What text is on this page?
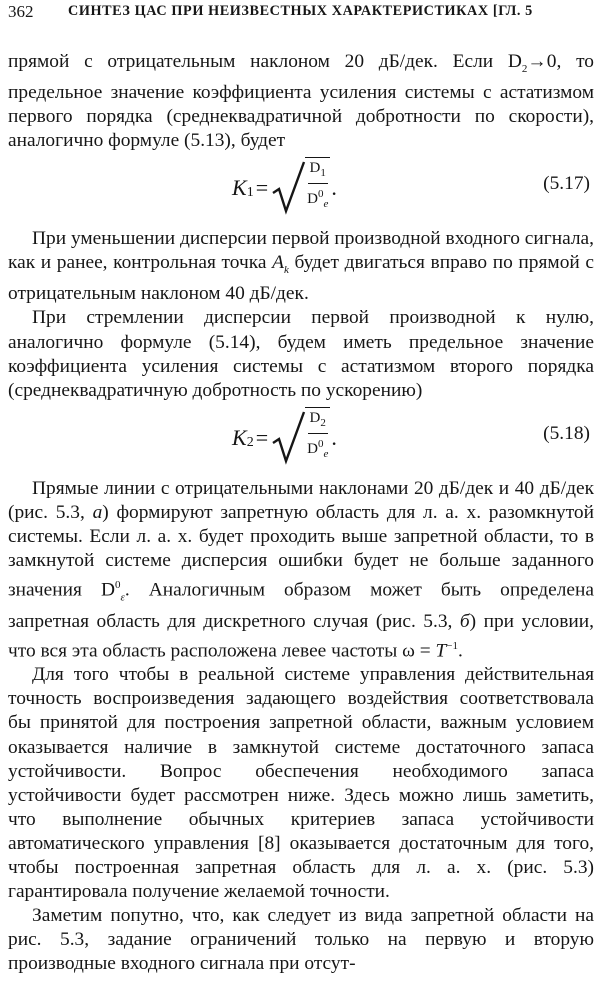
362 СИНТЕЗ ЦАС ПРИ НЕИЗВЕСТНЫХ ХАРАКТЕРИСТИКАХ [ГЛ. 5

прямой с отрицательным наклоном 20 дБ/дек. Если $D_2\to 0$, то предельное значение коэффициента усиления системы с астатизмом первого порядка (среднеквадратичной добротности по скорости), аналогично формуле (5.13), будет

K $1 = \frac{D_1}{D^0_e}$ .	(5.17)

При уменьшении дисперсии первой производной входного сигнала, как и ранее, контрольная точка $A_k$ будет двигаться вправо по прямой с отрицательным наклоном 40 дБ/дек.

При стремлении дисперсии первой производной к нулю, аналогично формуле (5.14), будем иметь предельное значение коэффициента усиления системы с астатизмом второго порядка (среднеквадратичную добротность по ускорению)

K $2 = \frac{D_2}{D^0_e}$ .	(5.18)

Прямые линии с отрицательными наклонами 20 дБ/дек и 40 дБ/дек (рис. 5.3, а) формируют запретную область для л. а. х. разомкнутой системы. Если л. а. х. будет проходить выше запретной области, то в замкнутой системе дисперсия ошибки будет не больше заданного значения $D^0_\varepsilon$. Аналогичным образом может быть определена запретная область для дискретного случая (рис. 5.3, б) при условии, что вся эта область расположена левее частоты $\omega = T^{-1}$.

Для того чтобы в реальной системе управления действительная точность воспроизведения задающего воздействия соответствовала бы принятой для построения запретной области, важным условием оказывается наличие в замкнутой системе достаточного запаса устойчивости. Вопрос обеспечения необходимого запаса устойчивости будет рассмотрен ниже. Здесь можно лишь заметить, что выполнение обычных критериев запаса устойчивости автоматического управления [8] оказывается достаточным для того, чтобы построенная запретная область для л. а. х. (рис. 5.3) гарантировала получение желаемой точности.

Заметим попутно, что, как следует из вида запретной области на рис. 5.3, задание ограничений только на первую и вторую производные входного сигнала при отсут-
